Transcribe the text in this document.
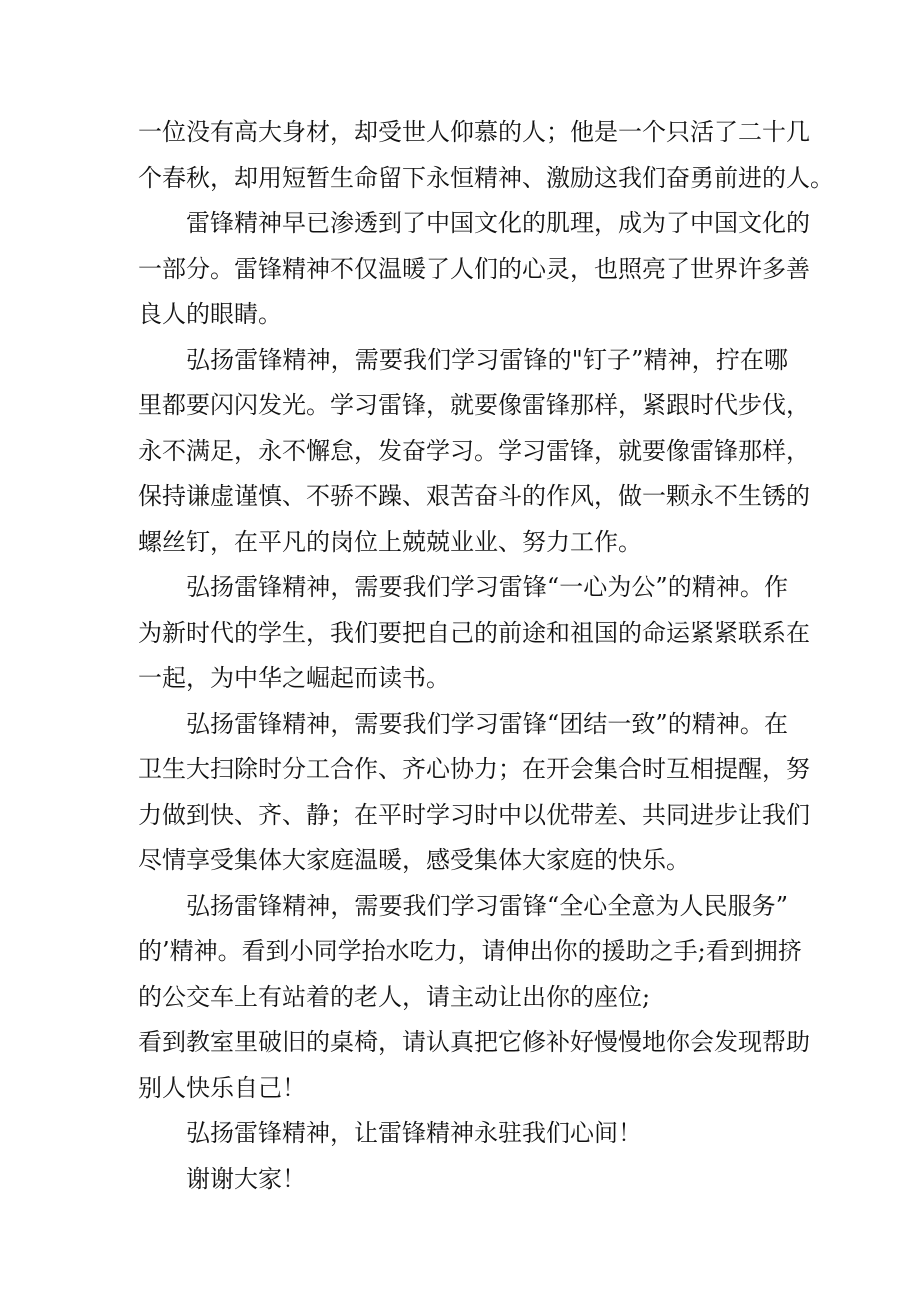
一位没有高大身材，却受世人仰慕的人；他是一个只活了二十几
个春秋，却用短暂生命留下永恒精神、激励这我们奋勇前进的人。
雷锋精神早已渗透到了中国文化的肌理，成为了中国文化的
一部分。雷锋精神不仅温暖了人们的心灵，也照亮了世界许多善
良人的眼睛。
弘扬雷锋精神，需要我们学习雷锋的"钉子”精神，拧在哪
里都要闪闪发光。学习雷锋，就要像雷锋那样，紧跟时代步伐，
永不满足，永不懈怠，发奋学习。学习雷锋，就要像雷锋那样，
保持谦虚谨慎、不骄不躁、艰苦奋斗的作风，做一颗永不生锈的
螺丝钉，在平凡的岗位上兢兢业业、努力工作。
弘扬雷锋精神，需要我们学习雷锋“一心为公”的精神。作
为新时代的学生，我们要把自己的前途和祖国的命运紧紧联系在
一起，为中华之崛起而读书。
弘扬雷锋精神，需要我们学习雷锋“团结一致”的精神。在
卫生大扫除时分工合作、齐心协力；在开会集合时互相提醒，努
力做到快、齐、静；在平时学习时中以优带差、共同进步让我们
尽情享受集体大家庭温暖，感受集体大家庭的快乐。
弘扬雷锋精神，需要我们学习雷锋“全心全意为人民服务”
的’精神。看到小同学抬水吃力，请伸出你的援助之手;看到拥挤
的公交车上有站着的老人，请主动让出你的座位;
看到教室里破旧的桌椅，请认真把它修补好慢慢地你会发现帮助
别人快乐自己！
弘扬雷锋精神，让雷锋精神永驻我们心间！
谢谢大家！
